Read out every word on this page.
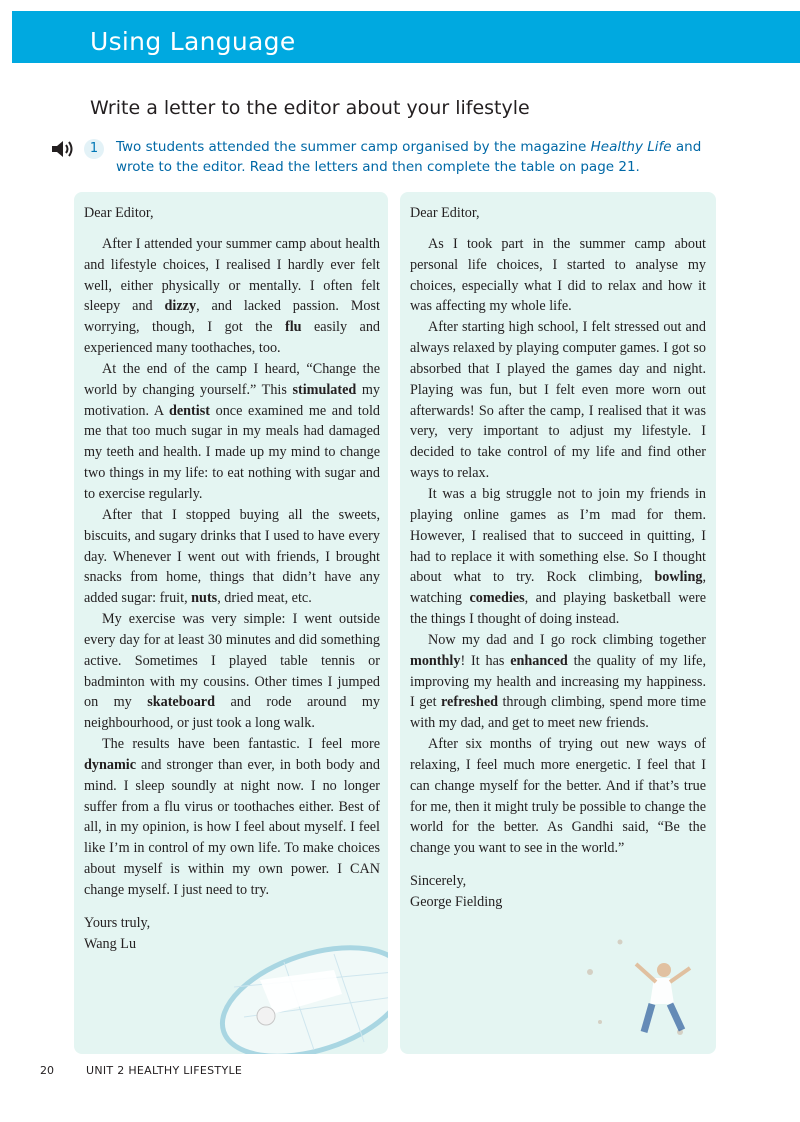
Using Language
Write a letter to the editor about your lifestyle
1	Two students attended the summer camp organised by the magazine Healthy Life and wrote to the editor. Read the letters and then complete the table on page 21.

Dear Editor,

After I attended your summer camp about health and lifestyle choices, I realised I hardly ever felt well, either physically or mentally. I often felt sleepy and dizzy, and lacked passion. Most worrying, though, I got the flu easily and experienced many toothaches, too.

At the end of the camp I heard, “Change the world by changing yourself.” This stimulated my motivation. A dentist once examined me and told me that too much sugar in my meals had damaged my teeth and health. I made up my mind to change two things in my life: to eat nothing with sugar and to exercise regularly.

After that I stopped buying all the sweets, biscuits, and sugary drinks that I used to have every day. Whenever I went out with friends, I brought snacks from home, things that didn’t have any added sugar: fruit, nuts, dried meat, etc.

My exercise was very simple: I went outside every day for at least 30 minutes and did something active. Sometimes I played table tennis or badminton with my cousins. Other times I jumped on my skateboard and rode around my neighbourhood, or just took a long walk.

The results have been fantastic. I feel more dynamic and stronger than ever, in both body and mind. I sleep soundly at night now. I no longer suffer from a flu virus or toothaches either. Best of all, in my opinion, is how I feel about myself. I feel like I’m in control of my own life. To make choices about myself is within my own power. I CAN change myself. I just need to try.

Yours truly,
Wang Lu

Dear Editor,

As I took part in the summer camp about personal life choices, I started to analyse my choices, especially what I did to relax and how it was affecting my whole life.

After starting high school, I felt stressed out and always relaxed by playing computer games. I got so absorbed that I played the games day and night. Playing was fun, but I felt even more worn out afterwards! So after the camp, I realised that it was very, very important to adjust my lifestyle. I decided to take control of my life and find other ways to relax.

It was a big struggle not to join my friends in playing online games as I’m mad for them. However, I realised that to succeed in quitting, I had to replace it with something else. So I thought about what to try. Rock climbing, bowling, watching comedies, and playing basketball were the things I thought of doing instead.

Now my dad and I go rock climbing together monthly! It has enhanced the quality of my life, improving my health and increasing my happiness. I get refreshed through climbing, spend more time with my dad, and get to meet new friends.

After six months of trying out new ways of relaxing, I feel much more energetic. I feel that I can change myself for the better. And if that’s true for me, then it might truly be possible to change the world for the better. As Gandhi said, “Be the change you want to see in the world.”

Sincerely,
George Fielding

20	UNIT 2 HEALTHY LIFESTYLE
